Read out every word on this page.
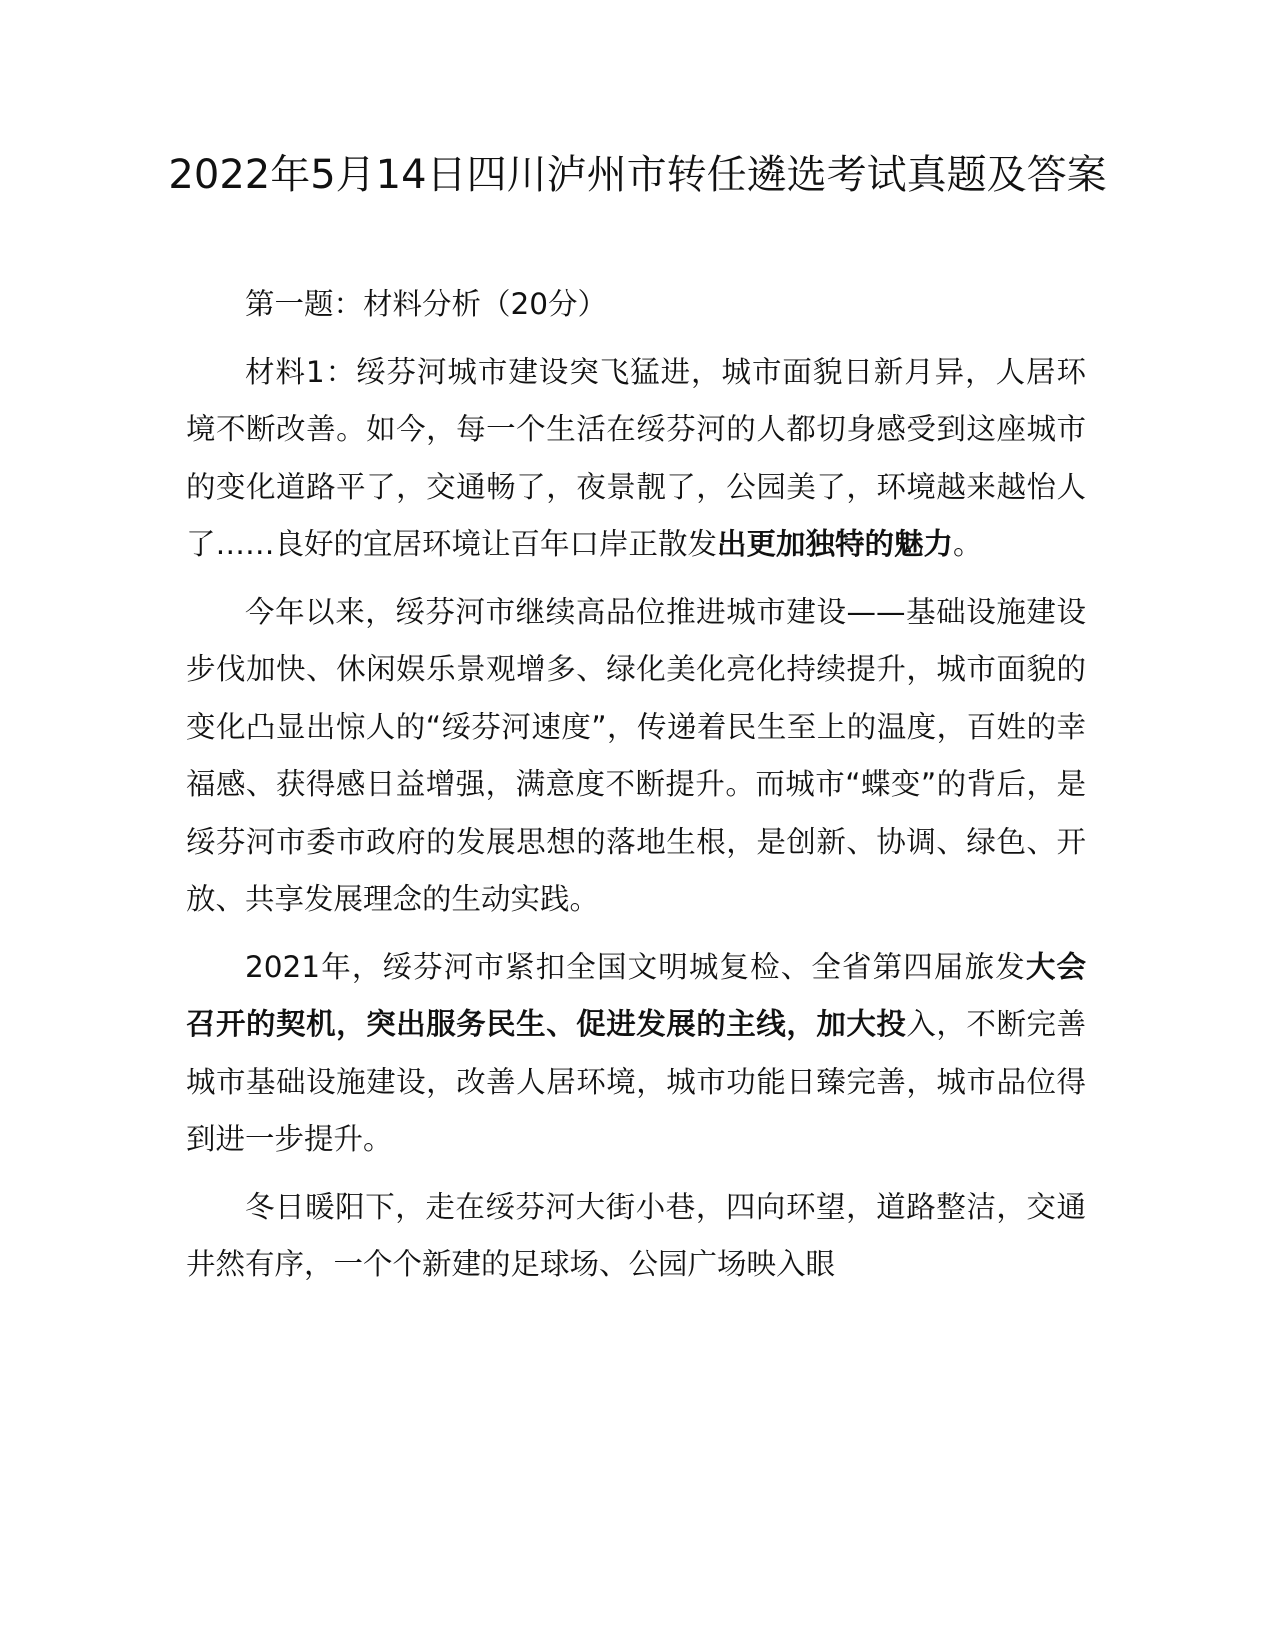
2022年5月14日四川泸州市转任遴选考试真题及答案

第一题：材料分析（20分）

材料1：绥芬河城市建设突飞猛进，城市面貌日新月异，人居环境不断改善。如今，每一个生活在绥芬河的人都切身感受到这座城市的变化道路平了，交通畅了，夜景靓了，公园美了，环境越来越怡人了……良好的宜居环境让百年口岸正散发出更加独特的魅力。

今年以来，绥芬河市继续高品位推进城市建设——基础设施建设步伐加快、休闲娱乐景观增多、绿化美化亮化持续提升，城市面貌的变化凸显出惊人的“绥芬河速度”，传递着民生至上的温度，百姓的幸福感、获得感日益增强，满意度不断提升。而城市“蝶变”的背后，是绥芬河市委市政府的发展思想的落地生根，是创新、协调、绿色、开放、共享发展理念的生动实践。

2021年，绥芬河市紧扣全国文明城复检、全省第四届旅发大会召开的契机，突出服务民生、促进发展的主线，加大投入，不断完善城市基础设施建设，改善人居环境，城市功能日臻完善，城市品位得到进一步提升。

冬日暖阳下，走在绥芬河大街小巷，四向环望，道路整洁，交通井然有序，一个个新建的足球场、公园广场映入眼
